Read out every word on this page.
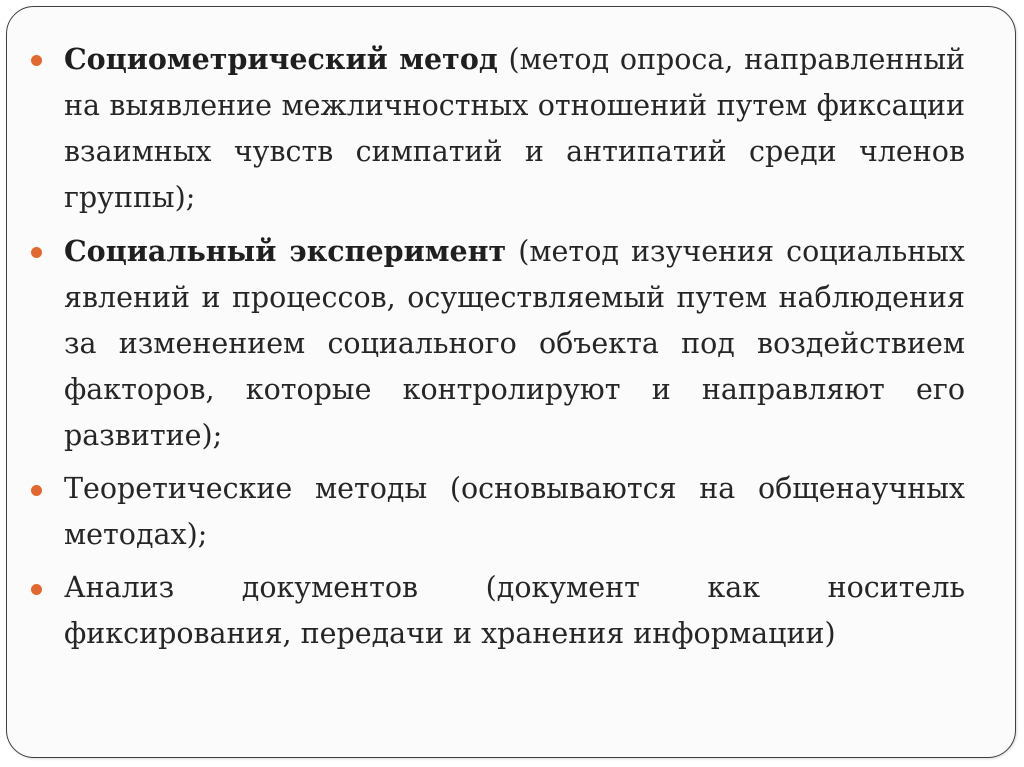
Социометрический метод (метод опроса, направленный на выявление межличностных отношений путем фиксации взаимных чувств симпатий и антипатий среди членов группы);
Социальный эксперимент (метод изучения социальных явлений и процессов, осуществляемый путем наблюдения за изменением социального объекта под воздействием факторов, которые контролируют и направляют его развитие);
Теоретические методы (основываются на общенаучных методах);
Анализ документов (документ как носитель фиксирования, передачи и хранения информации)
